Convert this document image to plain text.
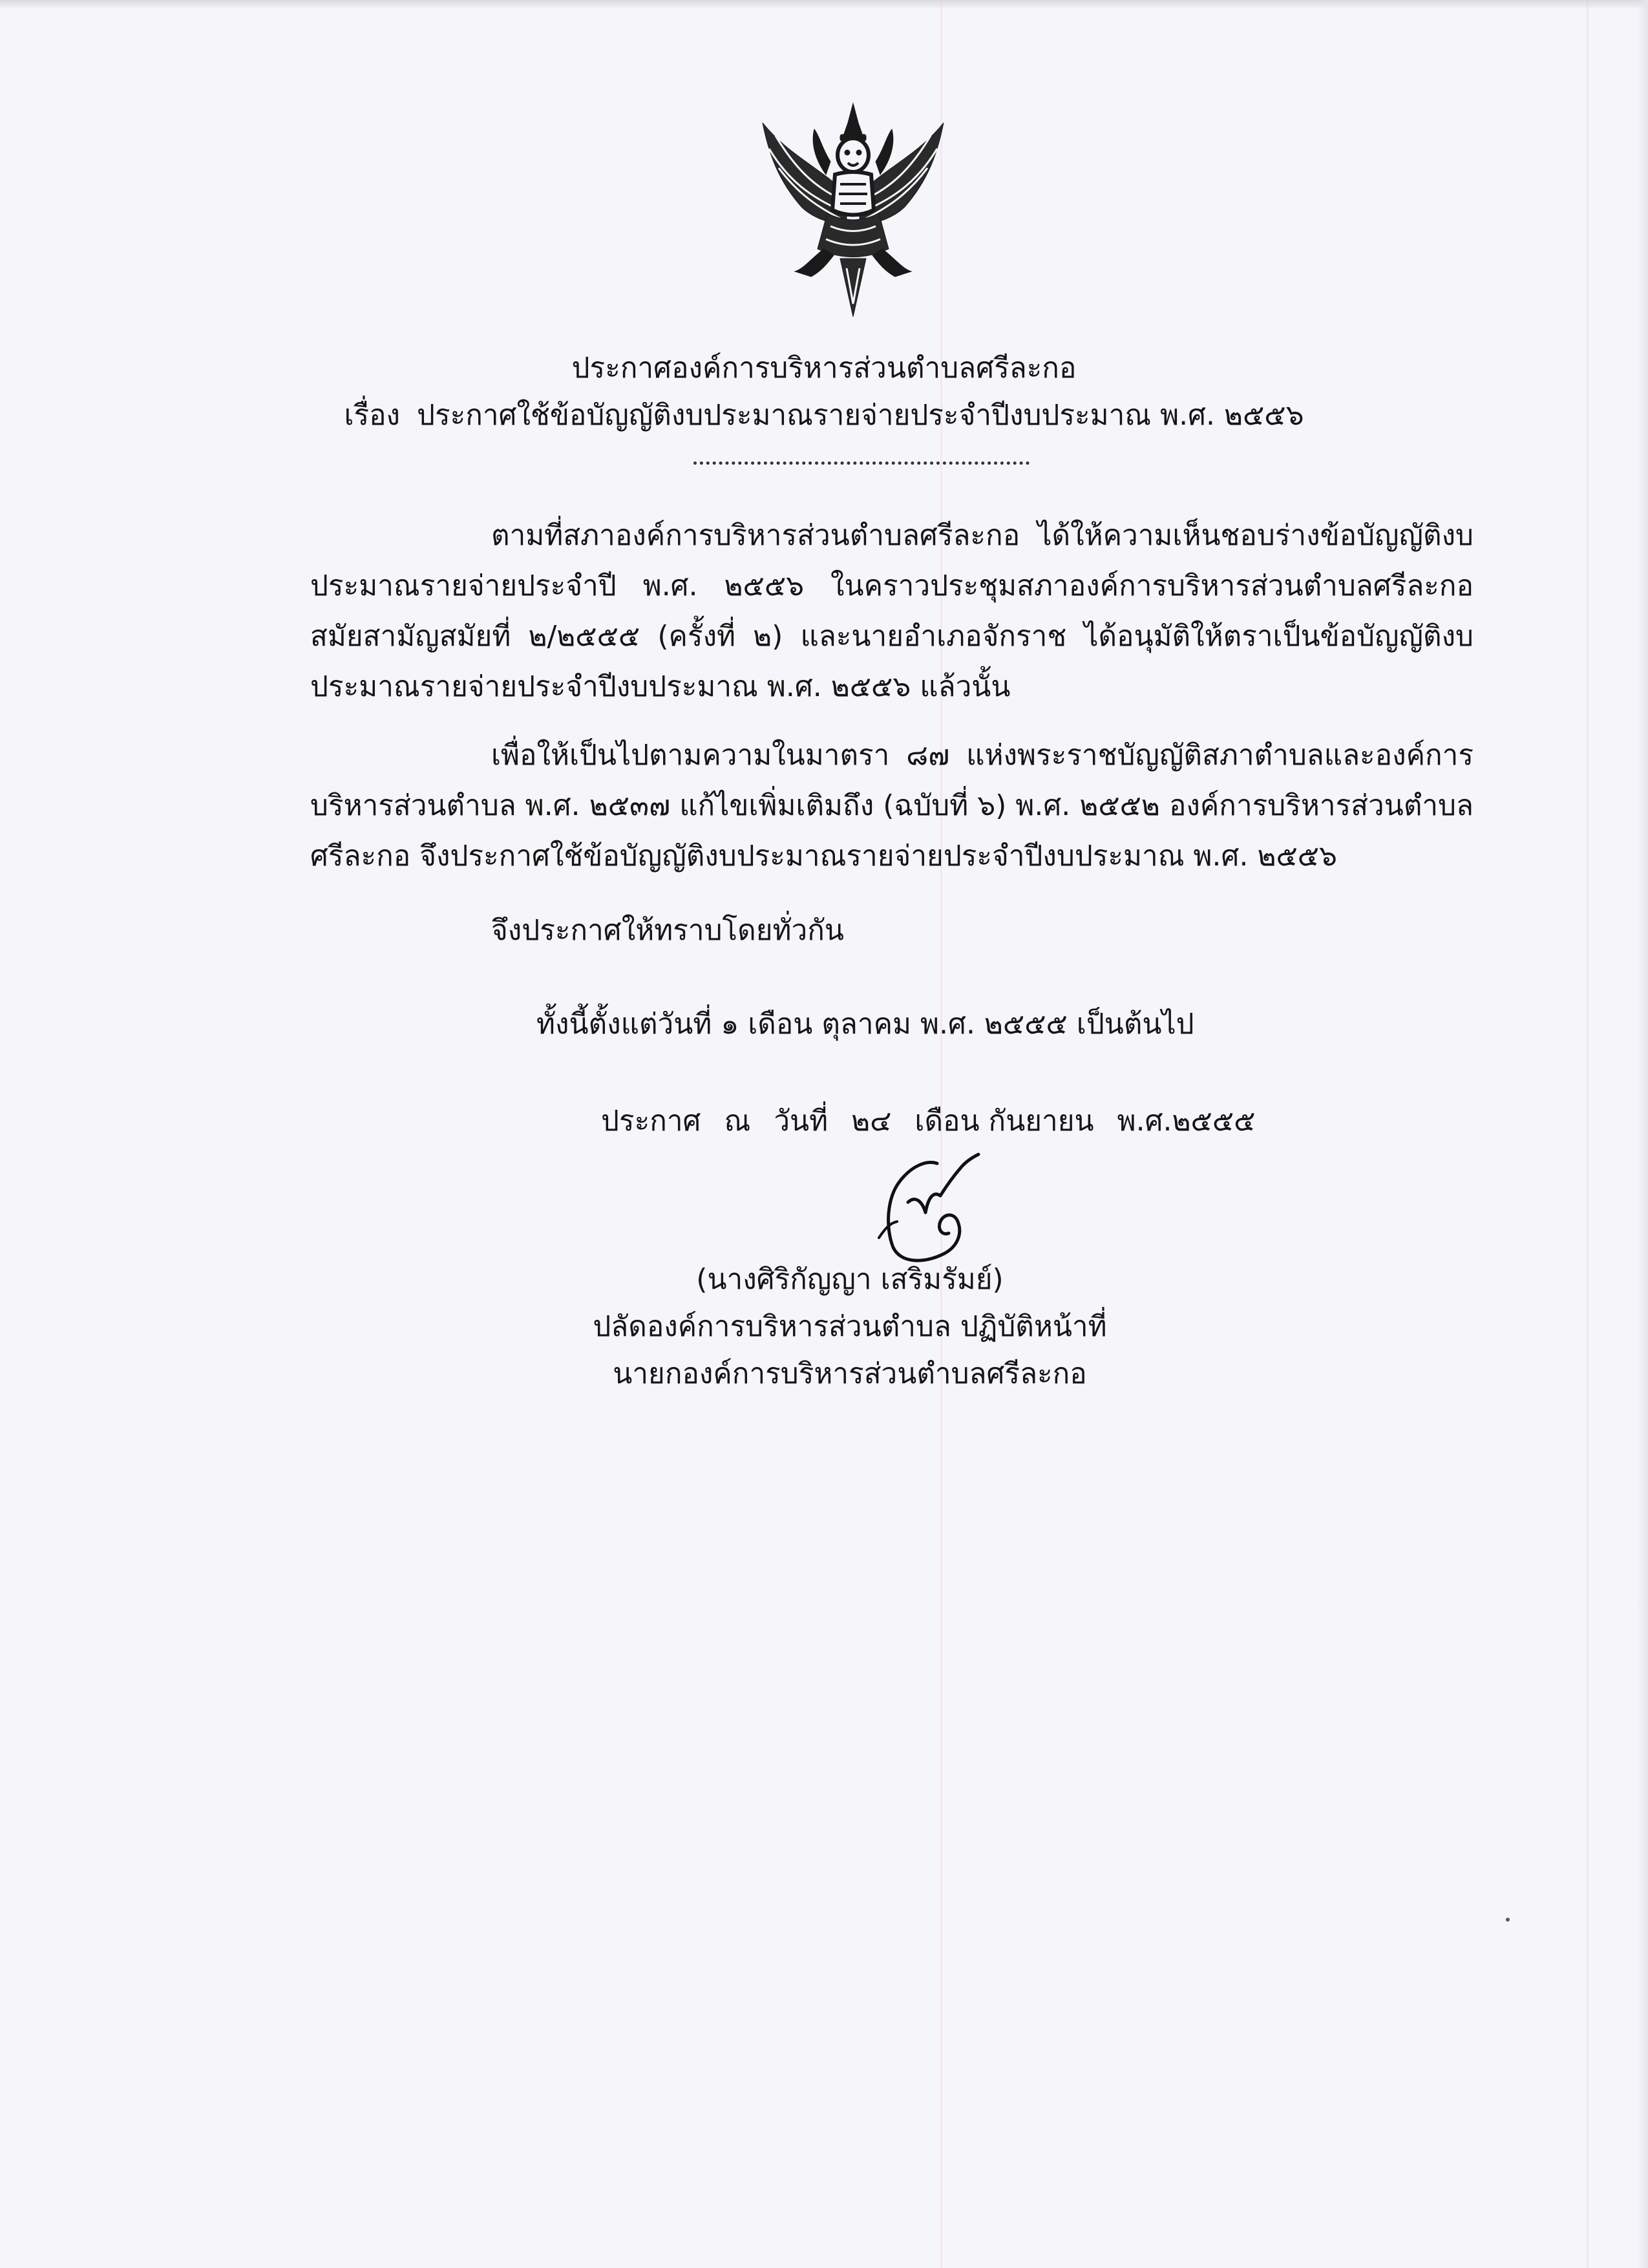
ประกาศองค์การบริหารส่วนตำบลศรีละกอ
เรื่อง ประกาศใช้ข้อบัญญัติงบประมาณรายจ่ายประจำปีงบประมาณ พ.ศ. ๒๕๕๖
ตามที่สภาองค์การบริหารส่วนตำบลศรีละกอ ได้ให้ความเห็นชอบร่างข้อบัญญัติงบประมาณรายจ่ายประจำปี พ.ศ. ๒๕๕๖ ในคราวประชุมสภาองค์การบริหารส่วนตำบลศรีละกอ สมัยสามัญสมัยที่ ๒/๒๕๕๕ (ครั้งที่ ๒) และนายอำเภอจักราช ได้อนุมัติให้ตราเป็นข้อบัญญัติงบประมาณรายจ่ายประจำปีงบประมาณ พ.ศ. ๒๕๕๖ แล้วนั้น
เพื่อให้เป็นไปตามความในมาตรา ๘๗ แห่งพระราชบัญญัติสภาตำบลและองค์การบริหารส่วนตำบล พ.ศ. ๒๕๓๗ แก้ไขเพิ่มเติมถึง (ฉบับที่ ๖) พ.ศ. ๒๕๕๒ องค์การบริหารส่วนตำบลศรีละกอ จึงประกาศใช้ข้อบัญญัติงบประมาณรายจ่ายประจำปีงบประมาณ พ.ศ. ๒๕๕๖
จึงประกาศให้ทราบโดยทั่วกัน
ทั้งนี้ตั้งแต่วันที่ ๑ เดือน ตุลาคม พ.ศ. ๒๕๕๕ เป็นต้นไป
ประกาศ ณ วันที่ ๒๔ เดือน กันยายน พ.ศ.๒๕๕๕
(นางศิริกัญญา เสริมรัมย์)
ปลัดองค์การบริหารส่วนตำบล ปฏิบัติหน้าที่
นายกองค์การบริหารส่วนตำบลศรีละกอ
